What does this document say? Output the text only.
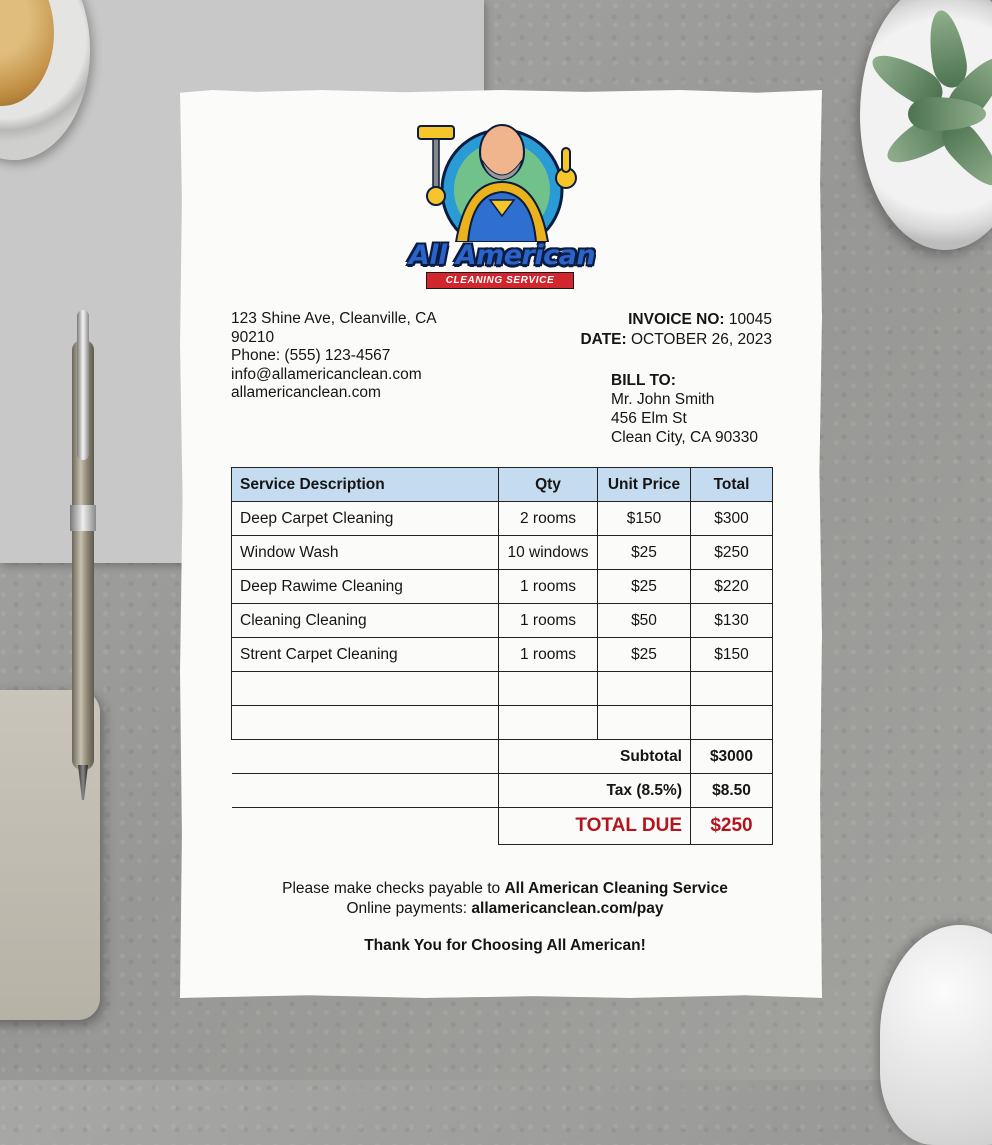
All American
CLEANING SERVICE
123 Shine Ave, Cleanville, CA
90210
Phone: (555) 123-4567
info@allamericanclean.com
allamericanclean.com
INVOICE NO: 10045
DATE: OCTOBER 26, 2023
BILL TO:
Mr. John Smith
456 Elm St
Clean City, CA 90330
Service Description	Qty	Unit Price	Total
Deep Carpet Cleaning	2 rooms	$150	$300
Window Wash	10 windows	$25	$250
Deep Rawime Cleaning	1 rooms	$25	$220
Cleaning Cleaning	1 rooms	$50	$130
Strent Carpet Cleaning	1 rooms	$25	$150

	Subtotal		$3000
	Tax (8.5%)		$8.50
	TOTAL DUE		$250
Please make checks payable to All American Cleaning Service
Online payments: allamericanclean.com/pay
Thank You for Choosing All American!
